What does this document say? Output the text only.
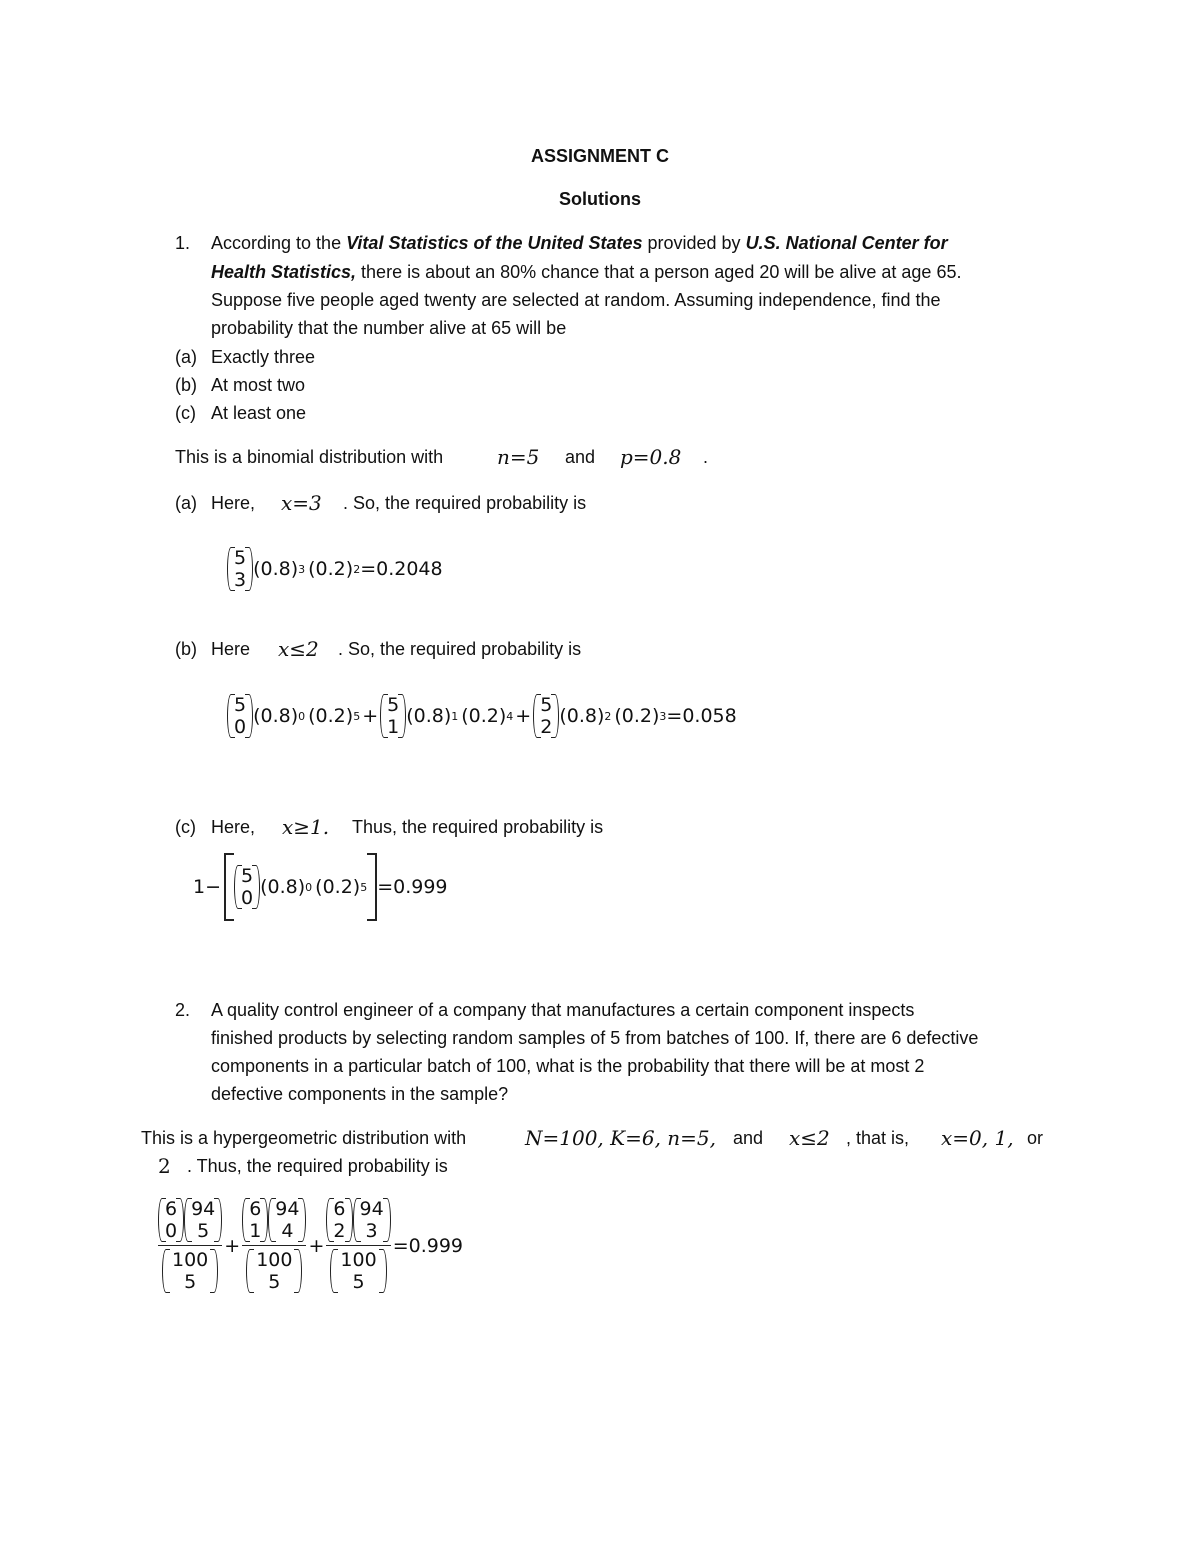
ASSIGNMENT C
Solutions
1. According to the Vital Statistics of the United States provided by U.S. National Center for
Health Statistics, there is about an 80% chance that a person aged 20 will be alive at age 65.
Suppose five people aged twenty are selected at random. Assuming independence, find the
probability that the number alive at 65 will be
(a) Exactly three
(b) At most two
(c) At least one
This is a binomial distribution with	n=5 and p=0.8 .
(a) Here, x=3 . So, the required probability is
5
3 (0.8) 3 (0.2) 2 =0.2048
(b) Here x≤2 . So, the required probability is
5
0 (0.8) 0 (0.2) 5 + 5
1 (0.8) 1 (0.2) 4 + 5
2 (0.8) 2 (0.2) 3 =0.058
(c) Here, x≥1. Thus, the required probability is
1− 5
0 (0.8) 0 (0.2) 5 =0.999
2. A quality control engineer of a company that manufactures a certain component inspects
finished products by selecting random samples of 5 from batches of 100. If, there are 6 defective
components in a particular batch of 100, what is the probability that there will be at most 2
defective components in the sample?
This is a hypergeometric distribution with	N=100, K=6, n=5, and x≤2 , that is, x=0, 1, or
2 . Thus, the required probability is
6
0
94
5
100
5 + 6
1
94
4
100
5 + 6
2
94
3
100
5 =0.999
